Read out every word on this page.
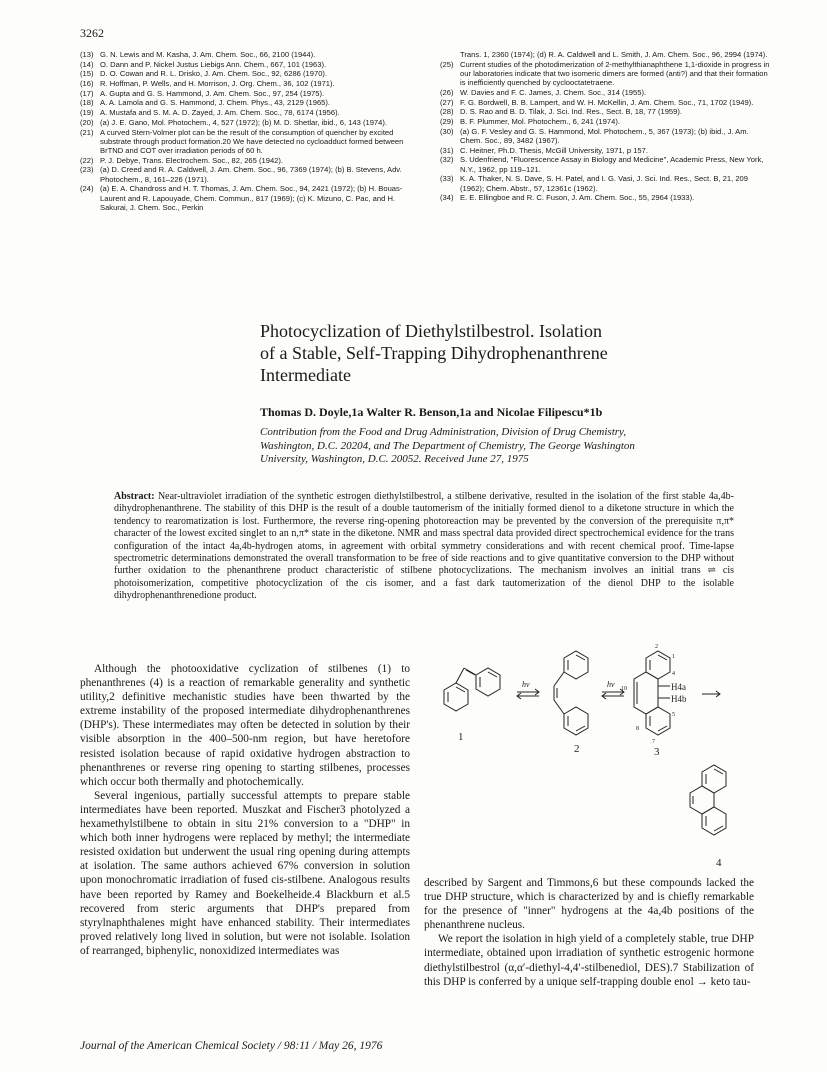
3262
(13) G. N. Lewis and M. Kasha, J. Am. Chem. Soc., 66, 2100 (1944).
(14) O. Dann and P. Nickel Justus Liebigs Ann. Chem., 667, 101 (1963).
(15) D. O. Cowan and R. L. Drisko, J. Am. Chem. Soc., 92, 6286 (1970).
(16) R. Hoffman, P. Wells, and H. Morrison, J. Org. Chem., 36, 102 (1971).
(17) A. Gupta and G. S. Hammond, J. Am. Chem. Soc., 97, 254 (1975).
(18) A. A. Lamola and G. S. Hammond, J. Chem. Phys., 43, 2129 (1965).
(19) A. Mustafa and S. M. A. D. Zayed, J. Am. Chem. Soc., 78, 6174 (1956).
(20) (a) J. E. Gano, Mol. Photochem., 4, 527 (1972); (b) M. D. Shetlar, ibid., 6, 143 (1974).
(21) A curved Stern-Volmer plot can be the result of the consumption of quencher by excited substrate through product formation.20 We have detected no cycloadduct formed between BrTND and COT over irradiation periods of 60 h.
(22) P. J. Debye, Trans. Electrochem. Soc., 82, 265 (1942).
(23) (a) D. Creed and R. A. Caldwell, J. Am. Chem. Soc., 96, 7369 (1974); (b) B. Stevens, Adv. Photochem., 8, 161–226 (1971).
(24) (a) E. A. Chandross and H. T. Thomas, J. Am. Chem. Soc., 94, 2421 (1972); (b) H. Bouas-Laurent and R. Lapouyade, Chem. Commun., 817 (1969); (c) K. Mizuno, C. Pac, and H. Sakurai, J. Chem. Soc., Perkin
Trans. 1, 2360 (1974); (d) R. A. Caldwell and L. Smith, J. Am. Chem. Soc., 96, 2994 (1974).
(25) Current studies of the photodimerization of 2-methylthianaphthene 1,1-dioxide in progress in our laboratories indicate that two isomeric dimers are formed (anti?) and that their formation is inefficiently quenched by cyclooctatetraene.
(26) W. Davies and F. C. James, J. Chem. Soc., 314 (1955).
(27) F. G. Bordwell, B. B. Lampert, and W. H. McKellin, J. Am. Chem. Soc., 71, 1702 (1949).
(28) D. S. Rao and B. D. Tilak, J. Sci. Ind. Res., Sect. B, 18, 77 (1959).
(29) B. F. Plummer, Mol. Photochem., 6, 241 (1974).
(30) (a) G. F. Vesley and G. S. Hammond, Mol. Photochem., 5, 367 (1973); (b) ibid., J. Am. Chem. Soc., 89, 3482 (1967).
(31) C. Heitner, Ph.D. Thesis, McGill University, 1971, p 157.
(32) S. Udenfriend, "Fluorescence Assay in Biology and Medicine", Academic Press, New York, N.Y., 1962, pp 119–121.
(33) K. A. Thaker, N. S. Dave, S. H. Patel, and I. G. Vasi, J. Sci. Ind. Res., Sect. B, 21, 209 (1962); Chem. Abstr., 57, 12361c (1962).
(34) E. E. Ellingboe and R. C. Fuson, J. Am. Chem. Soc., 55, 2964 (1933).
Photocyclization of Diethylstilbestrol. Isolation
of a Stable, Self-Trapping Dihydrophenanthrene
Intermediate
Thomas D. Doyle,1a Walter R. Benson,1a and Nicolae Filipescu*1b
Contribution from the Food and Drug Administration, Division of Drug Chemistry,
Washington, D.C. 20204, and The Department of Chemistry, The George Washington
University, Washington, D.C. 20052. Received June 27, 1975
Abstract: Near-ultraviolet irradiation of the synthetic estrogen diethylstilbestrol, a stilbene derivative, resulted in the isolation of the first stable 4a,4b-dihydrophenanthrene. The stability of this DHP is the result of a double tautomerism of the initially formed dienol to a diketone structure in which the tendency to rearomatization is lost. Furthermore, the reverse ring-opening photoreaction may be prevented by the conversion of the prerequisite π,π* character of the lowest excited singlet to an n,π* state in the diketone. NMR and mass spectral data provided direct spectrochemical evidence for the trans configuration of the intact 4a,4b-hydrogen atoms, in agreement with orbital symmetry considerations and with recent chemical proof. Time-lapse spectrometric determinations demonstrated the overall transformation to be free of side reactions and to give quantitative conversion to the DHP without further oxidation to the phenanthrene product characteristic of stilbene photocyclizations. The mechanism involves an initial trans ⇌ cis photoisomerization, competitive photocyclization of the cis isomer, and a fast dark tautomerization of the dienol DHP to the isolable dihydrophenanthrenedione product.

Although the photooxidative cyclization of stilbenes (1) to phenanthrenes (4) is a reaction of remarkable generality and synthetic utility,2 definitive mechanistic studies have been thwarted by the extreme instability of the proposed intermediate dihydrophenanthrenes (DHP's). These intermediates may often be detected in solution by their visible absorption in the 400–500-nm region, but have heretofore resisted isolation because of rapid oxidative hydrogen abstraction to phenanthrenes or reverse ring opening to starting stilbenes, processes which occur both thermally and photochemically.

Several ingenious, partially successful attempts to prepare stable intermediates have been reported. Muszkat and Fischer3 photolyzed a hexamethylstilbene to obtain in situ 21% conversion to a "DHP" in which both inner hydrogens were replaced by methyl; the intermediate resisted oxidation but underwent the usual ring opening during attempts at isolation. The same authors achieved 67% conversion in solution upon monochromatic irradiation of fused cis-stilbene. Analogous results have been reported by Ramey and Boekelheide.4 Blackburn et al.5 recovered from steric arguments that DHP's prepared from styrylnaphthalenes might have enhanced stability. Their intermediates proved relatively long lived in solution, but were not isolable. Isolation of rearranged, biphenylic, nonoxidized intermediates was

described by Sargent and Timmons,6 but these compounds lacked the true DHP structure, which is characterized by and is chiefly remarkable for the presence of "inner" hydrogens at the 4a,4b positions of the phenanthrene nucleus.

We report the isolation in high yield of a completely stable, true DHP intermediate, obtained upon irradiation of synthetic estrogenic hormone diethylstilbestrol (α,α′-diethyl-4,4′-stilbenediol, DES).7 Stabilization of this DHP is conferred by a unique self-trapping double enol → keto tau-

1
hν
2
hν
2
1
4
10
5
8
7
H4a
H4b
3
4
Journal of the American Chemical Society / 98:11 / May 26, 1976
